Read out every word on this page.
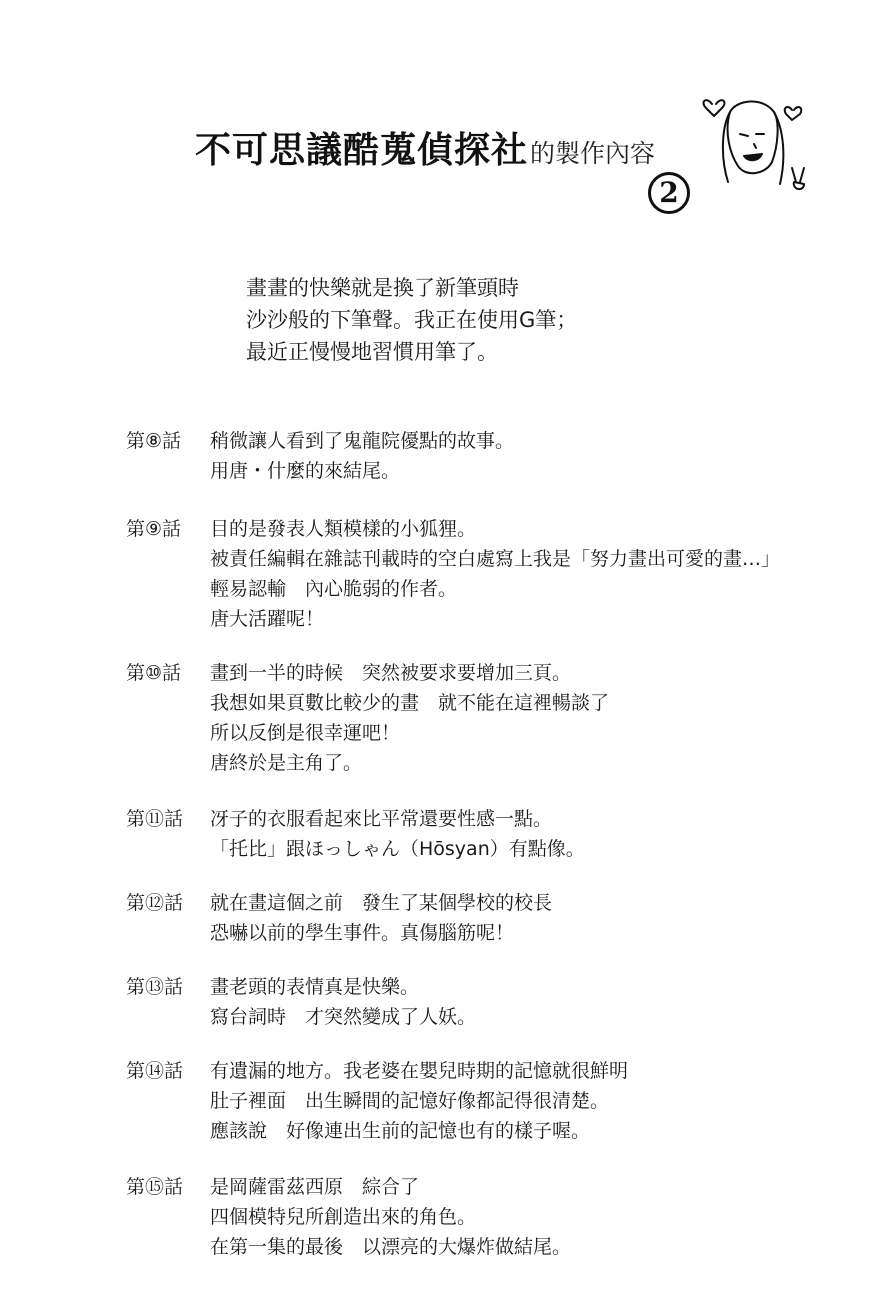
不可思議酷蒐偵探社的製作內容
2
畫畫的快樂就是換了新筆頭時
沙沙般的下筆聲。我正在使用G筆；
最近正慢慢地習慣用筆了。
第⑧話	稍微讓人看到了鬼龍院優點的故事。
用唐・什麼的來結尾。
第⑨話	目的是發表人類模樣的小狐狸。
被責任編輯在雜誌刊載時的空白處寫上我是「努力畫出可愛的畫…」
輕易認輸　內心脆弱的作者。
唐大活躍呢！
第⑩話	畫到一半的時候　突然被要求要增加三頁。
我想如果頁數比較少的畫　就不能在這裡暢談了
所以反倒是很幸運吧！
唐終於是主角了。
第⑪話	冴子的衣服看起來比平常還要性感一點。
「托比」跟ほっしゃん（Hōsyan）有點像。
第⑫話	就在畫這個之前　發生了某個學校的校長
恐嚇以前的學生事件。真傷腦筋呢！
第⑬話	畫老頭的表情真是快樂。
寫台詞時　才突然變成了人妖。
第⑭話	有遺漏的地方。我老婆在嬰兒時期的記憶就很鮮明
肚子裡面　出生瞬間的記憶好像都記得很清楚。
應該說　好像連出生前的記憶也有的樣子喔。
第⑮話	是岡薩雷茲西原　綜合了
四個模特兒所創造出來的角色。
在第一集的最後　以漂亮的大爆炸做結尾。
